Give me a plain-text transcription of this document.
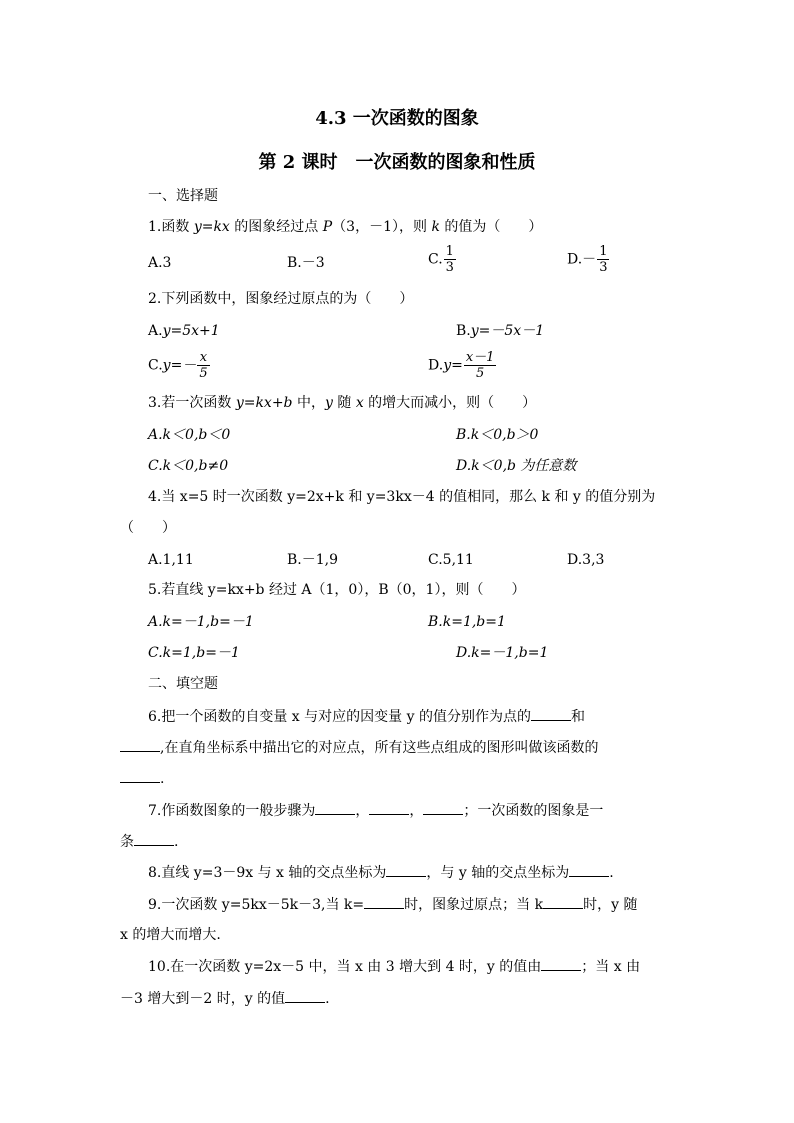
4.3 一次函数的图象
第 2 课时　一次函数的图象和性质
一、选择题
1.函数 y=kx 的图象经过点 P（3，－1），则 k 的值为（　　）
A.3	B.－3	C. $\frac{1}{3}$	$D.- \frac{1}{3}$
2.下列函数中，图象经过原点的为（　　）
A.y=5x+1	B.y=－5x－1
$C.y=- \frac{x}{5}$	$D.y= \frac{x-1}{5}$
3.若一次函数 y=kx+b 中，y 随 x 的增大而减小，则（　　）
A.k＜0,b＜0	B.k＜0,b＞0
C.k＜0,b≠0	D.k＜0,b 为任意数
4.当 x=5 时一次函数 y=2x+k 和 y=3kx－4 的值相同，那么 k 和 y 的值分别为
（　　）
A.1,11	B.－1,9	C.5,11	D.3,3
5.若直线 y=kx+b 经过 A（1，0），B（0，1），则（　　）
A.k=－1,b=－1	B.k=1,b=1
C.k=1,b=－1	D.k=－1,b=1
二、填空题
6.把一个函数的自变量 x 与对应的因变量 y 的值分别作为点的	和
,在直角坐标系中描出它的对应点，所有这些点组成的图形叫做该函数的
.
7.作函数图象的一般步骤为	，	，	；一次函数的图象是一
条	.
8.直线 y=3－9x 与 x 轴的交点坐标为	，与 y 轴的交点坐标为	.
9.一次函数 y=5kx－5k－3,当 k=	时，图象过原点；当 k	时，y 随
x 的增大而增大.
10.在一次函数 y=2x－5 中，当 x 由 3 增大到 4 时，y 的值由	；当 x 由
－3 增大到－2 时，y 的值	.
